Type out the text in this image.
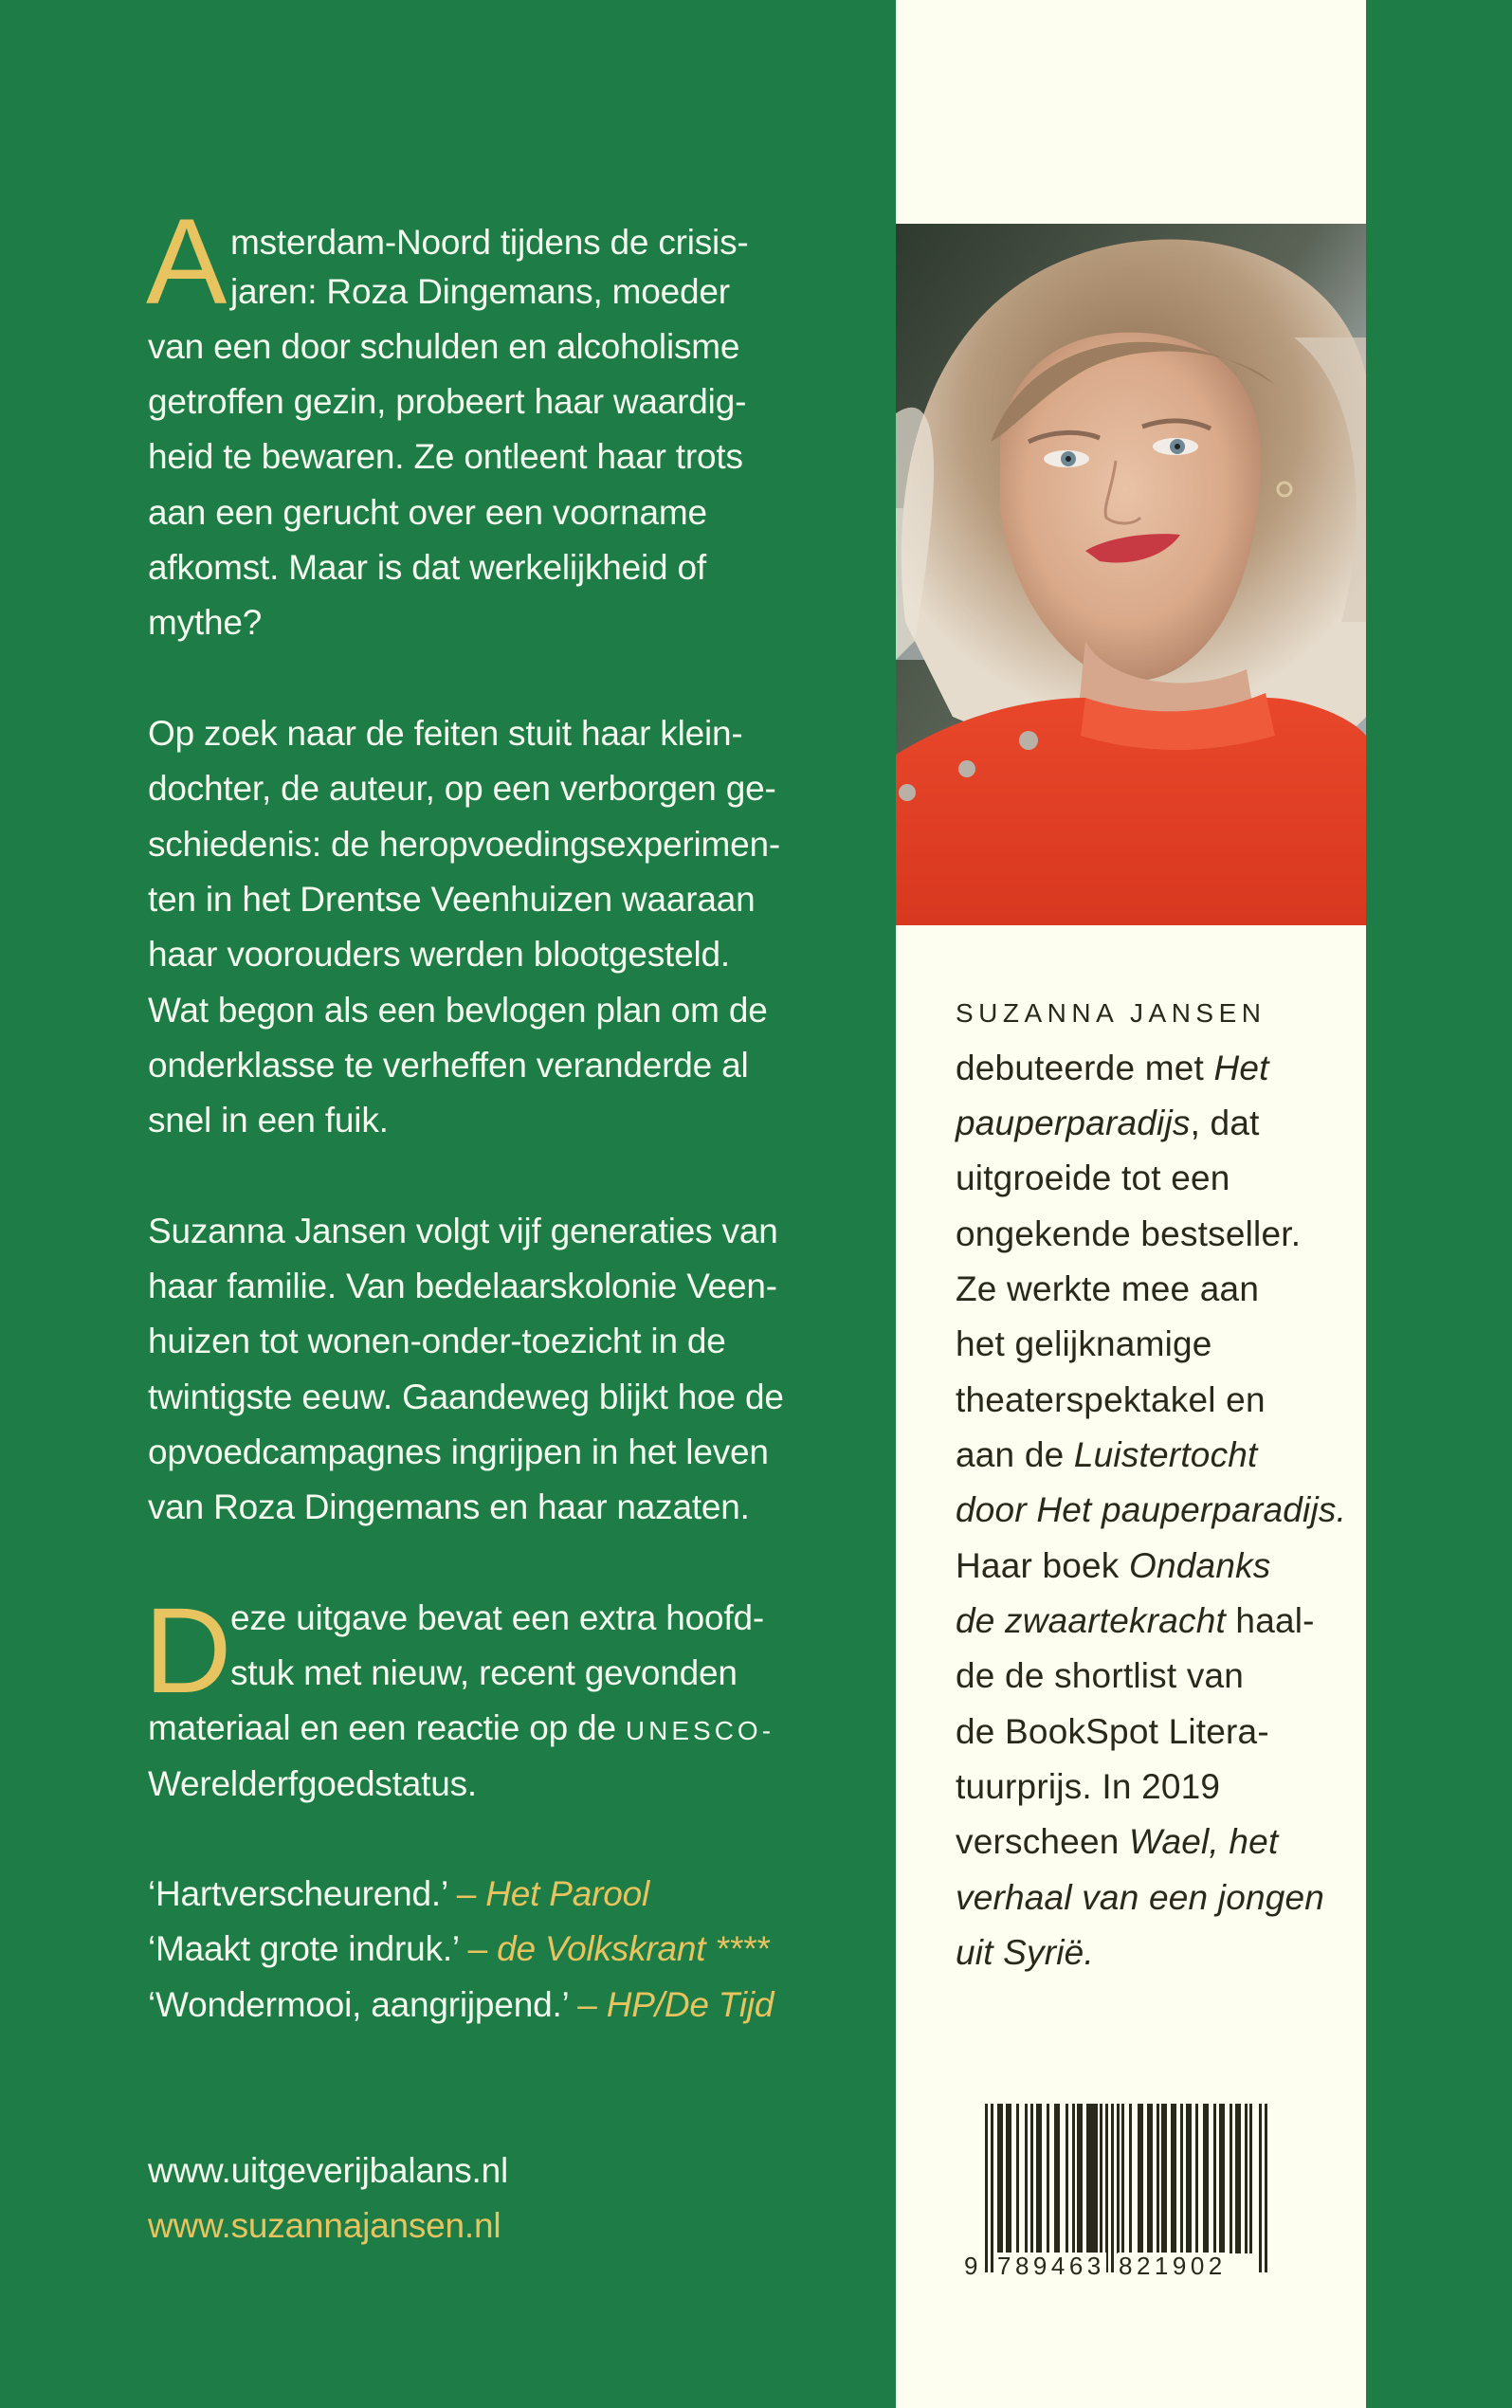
A msterdam-Noord tijdens de crisis-
jaren: Roza Dingemans, moeder
van een door schulden en alcoholisme
getroffen gezin, probeert haar waardig-
heid te bewaren. Ze ontleent haar trots
aan een gerucht over een voorname
afkomst. Maar is dat werkelijkheid of
mythe?
Op zoek naar de feiten stuit haar klein-
dochter, de auteur, op een verborgen ge-
schiedenis: de heropvoedingsexperimen-
ten in het Drentse Veenhuizen waaraan
haar voorouders werden blootgesteld.
Wat begon als een bevlogen plan om de
onderklasse te verheffen veranderde al
snel in een fuik.
Suzanna Jansen volgt vijf generaties van
haar familie. Van bedelaarskolonie Veen-
huizen tot wonen-onder-toezicht in de
twintigste eeuw. Gaandeweg blijkt hoe de
opvoedcampagnes ingrijpen in het leven
van Roza Dingemans en haar nazaten.
D
eze uitgave bevat een extra hoofd-
stuk met nieuw, recent gevonden
materiaal en een reactie op de UNESCO-
Werelderfgoedstatus.
‘Hartverscheurend.’ – Het Parool
‘Maakt grote indruk.’ – de Volkskrant ****
‘Wondermooi, aangrijpend.’ – HP/De Tijd
www.uitgeverijbalans.nl
www.suzannajansen.nl
SUZANNA JANSEN
debuteerde met Het
pauperparadijs, dat
uitgroeide tot een
ongekende bestseller.
Ze werkte mee aan
het gelijknamige
theaterspektakel en
aan de Luistertocht
door Het pauperparadijs.
Haar boek Ondanks
de zwaartekracht haal-
de de shortlist van
de BookSpot Litera-
tuurprijs. In 2019
verscheen Wael, het
verhaal van een jongen
uit Syrië.
9 789463 821902
